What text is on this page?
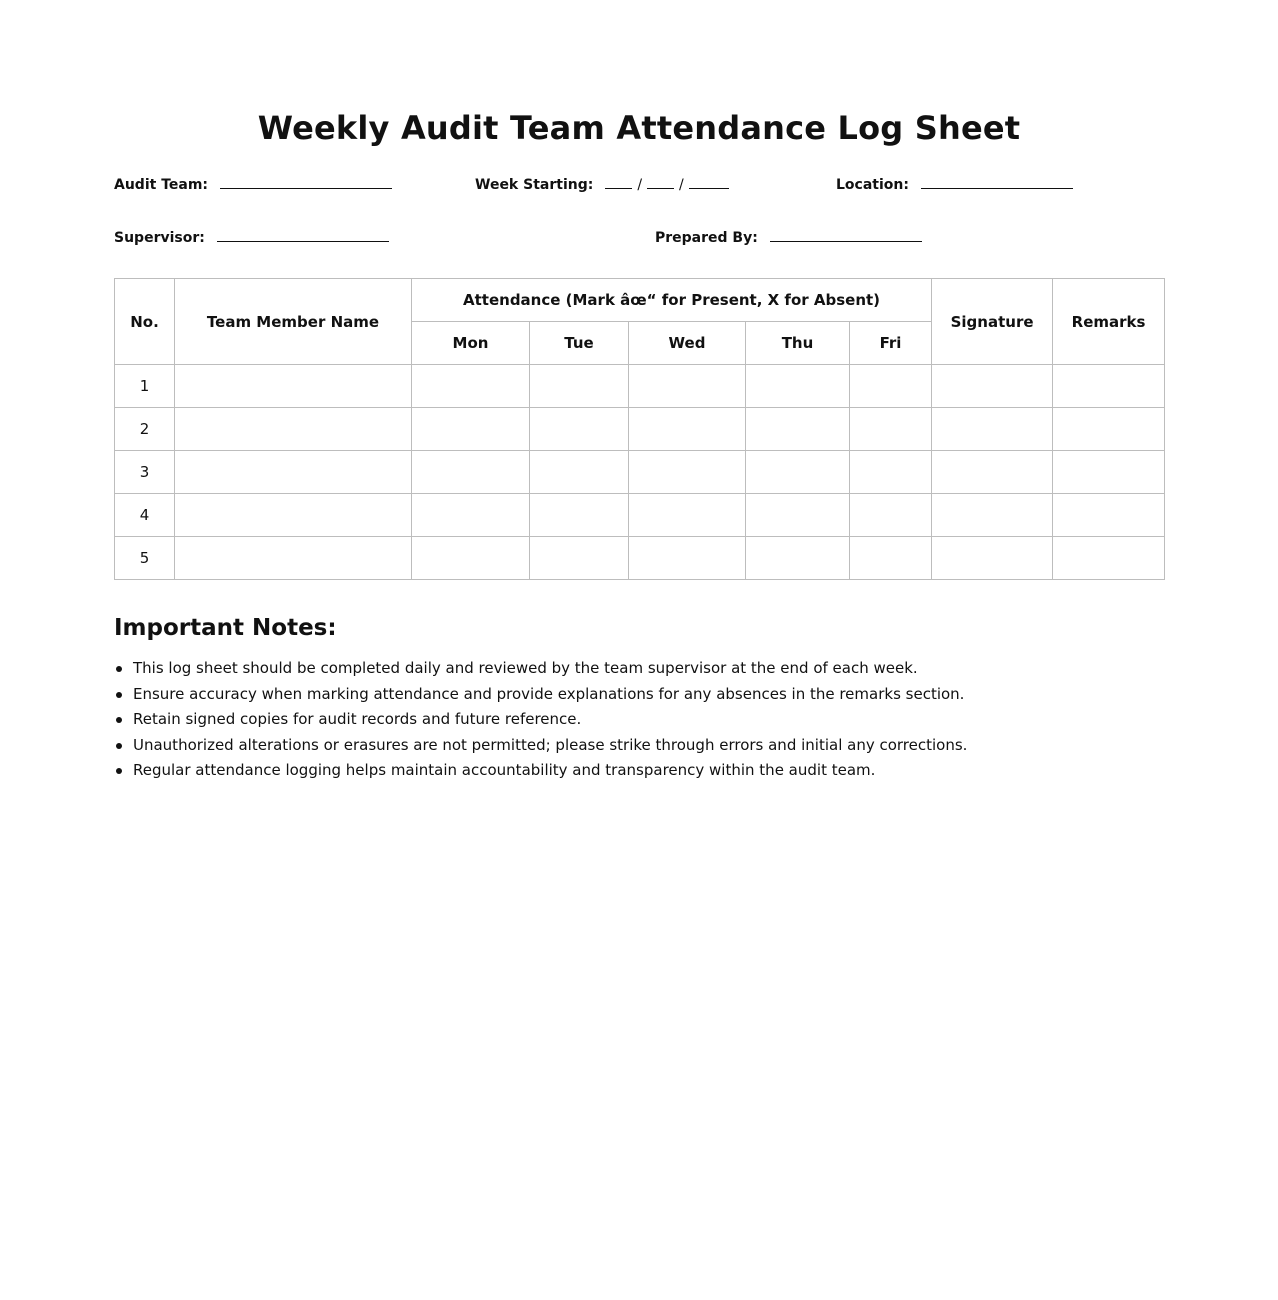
Weekly Audit Team Attendance Log Sheet
Audit Team:	Week Starting:	/	/	Location:
Supervisor:	Prepared By:
No.	Team Member Name	Attendance (Mark âœ“ for Present, X for Absent)					Signature	Remarks
		Mon	Tue	Wed	Thu	Fri		
1								
2								
3								
4								
5								
Important Notes:
This log sheet should be completed daily and reviewed by the team supervisor at the end of each week.
Ensure accuracy when marking attendance and provide explanations for any absences in the remarks section.
Retain signed copies for audit records and future reference.
Unauthorized alterations or erasures are not permitted; please strike through errors and initial any corrections.
Regular attendance logging helps maintain accountability and transparency within the audit team.
